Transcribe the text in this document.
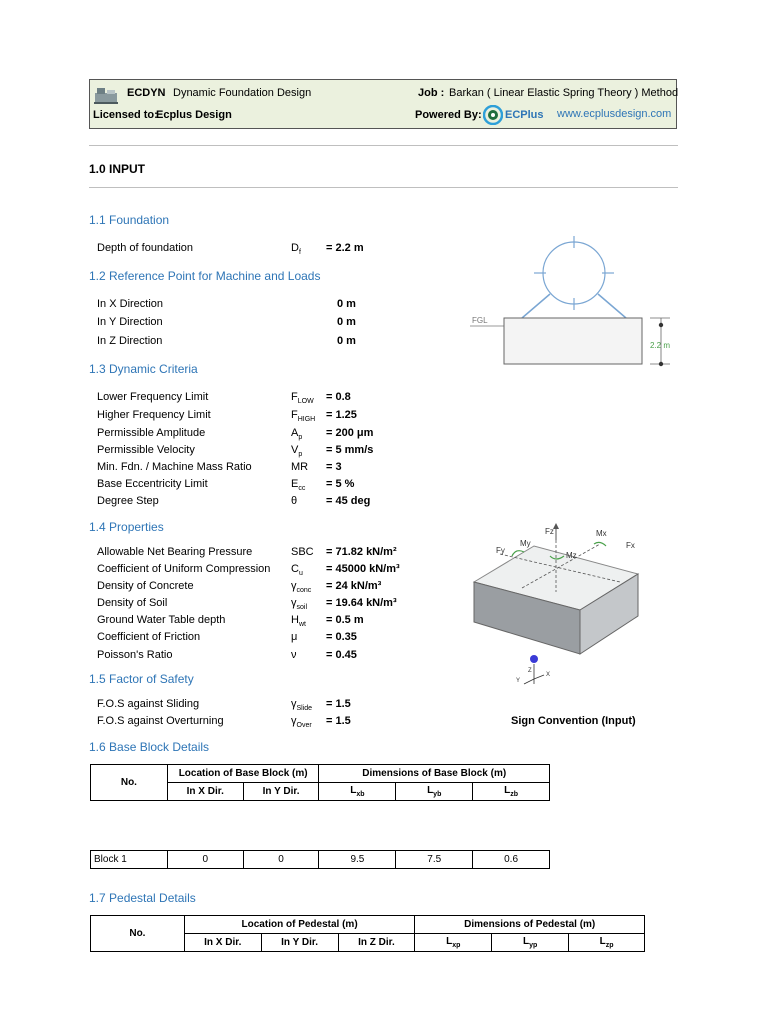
ECDYN Dynamic Foundation Design	Job : Barkan ( Linear Elastic Spring Theory ) Method
Licensed to:
Ecplus Design	Powered By: ECPlus www.ecplusdesign.com
1.0 INPUT
1.1 Foundation
Depth of foundation	$D_f = 2.2$ m
1.2 Reference Point for Machine and Loads
In X Direction	0 m
In Y Direction	0 m
In Z Direction	0 m
FGL
2.2 m
1.3 Dynamic Criteria
Lower Frequency Limit	$F_{LOW} = 0.8$
Higher Frequency Limit	$F_{HIGH} = 1.25$
Permissible Amplitude	$A_p = 200$ μm
Permissible Velocity	$V_p = 5$ mm/s
Min. Fdn. / Machine Mass Ratio	MR = 3
Base Eccentricity Limit	$E_{cc} = 5$ %
Degree Step	θ	= 45 deg
1.4 Properties
Allowable Net Bearing Pressure	SBC = 71.82 kN/m²
Coefficient of Uniform Compression $C_u = 45000$ kN/m³
Density of Concrete	$\gamma_{conc} = 24$ kN/m³
Density of Soil	$\gamma_{soil} = 19.64$ kN/m³
Ground Water Table depth	$H_{wt} = 0.5$ m
Coefficient of Friction	μ	= 0.35
Poisson's Ratio	ν	= 0.45
Fz
My
Mx
Fy
Fx
Mz
Z
Y
X
Sign Convention (Input)
1.5 Factor of Safety
F.O.S against Sliding	$\gamma_{Slide} = 1.5$
F.O.S against Overturning	$\gamma_{Over} = 1.5$
1.6 Base Block Details
No.	Location of Base Block (m)		Dimensions of Base Block (m)		
	In X Dir.	In Y Dir.	$L_{xb}$	$L_{yb}$	$L_{zb}$
Block 1	0	0	9.5	7.5	0.6
1.7 Pedestal Details
No.	Location of Pedestal (m)			Dimensions of Pedestal (m)		
	In X Dir.	In Y Dir.	In Z Dir.	$L_{xp}$	$L_{yp}$	$L_{zp}$
